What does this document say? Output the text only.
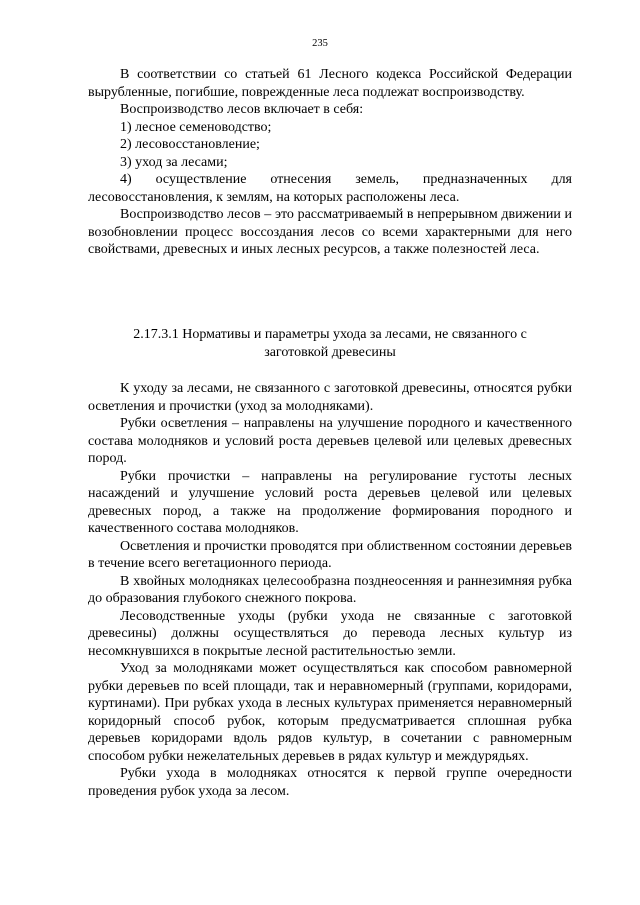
235

В соответствии со статьей 61 Лесного кодекса Российской Федерации вырубленные, погибшие, поврежденные леса подлежат воспроизводству.

Воспроизводство лесов включает в себя:

1) лесное семеноводство;

2) лесовосстановление;

3) уход за лесами;

4) осуществление отнесения земель, предназначенных для лесовосстановления, к землям, на которых расположены леса.

Воспроизводство лесов – это рассматриваемый в непрерывном движении и возобновлении процесс воссоздания лесов со всеми характерными для него свойствами, древесных и иных лесных ресурсов, а также полезностей леса.

2.17.3.1 Нормативы и параметры ухода за лесами, не связанного с
заготовкой древесины

К уходу за лесами, не связанного с заготовкой древесины, относятся рубки осветления и прочистки (уход за молодняками).

Рубки осветления – направлены на улучшение породного и качественного состава молодняков и условий роста деревьев целевой или целевых древесных пород.

Рубки прочистки – направлены на регулирование густоты лесных насаждений и улучшение условий роста деревьев целевой или целевых древесных пород, а также на продолжение формирования породного и качественного состава молодняков.

Осветления и прочистки проводятся при облиственном состоянии деревьев в течение всего вегетационного периода.

В хвойных молодняках целесообразна позднеосенняя и раннезимняя рубка до образования глубокого снежного покрова.

Лесоводственные уходы (рубки ухода не связанные с заготовкой древесины) должны осуществляться до перевода лесных культур из несомкнувшихся в покрытые лесной растительностью земли.

Уход за молодняками может осуществляться как способом равномерной рубки деревьев по всей площади, так и неравномерный (группами, коридорами, куртинами). При рубках ухода в лесных культурах применяется неравномерный коридорный способ рубок, которым предусматривается сплошная рубка деревьев коридорами вдоль рядов культур, в сочетании с равномерным способом рубки нежелательных деревьев в рядах культур и междурядьях.

Рубки ухода в молодняках относятся к первой группе очередности проведения рубок ухода за лесом.
